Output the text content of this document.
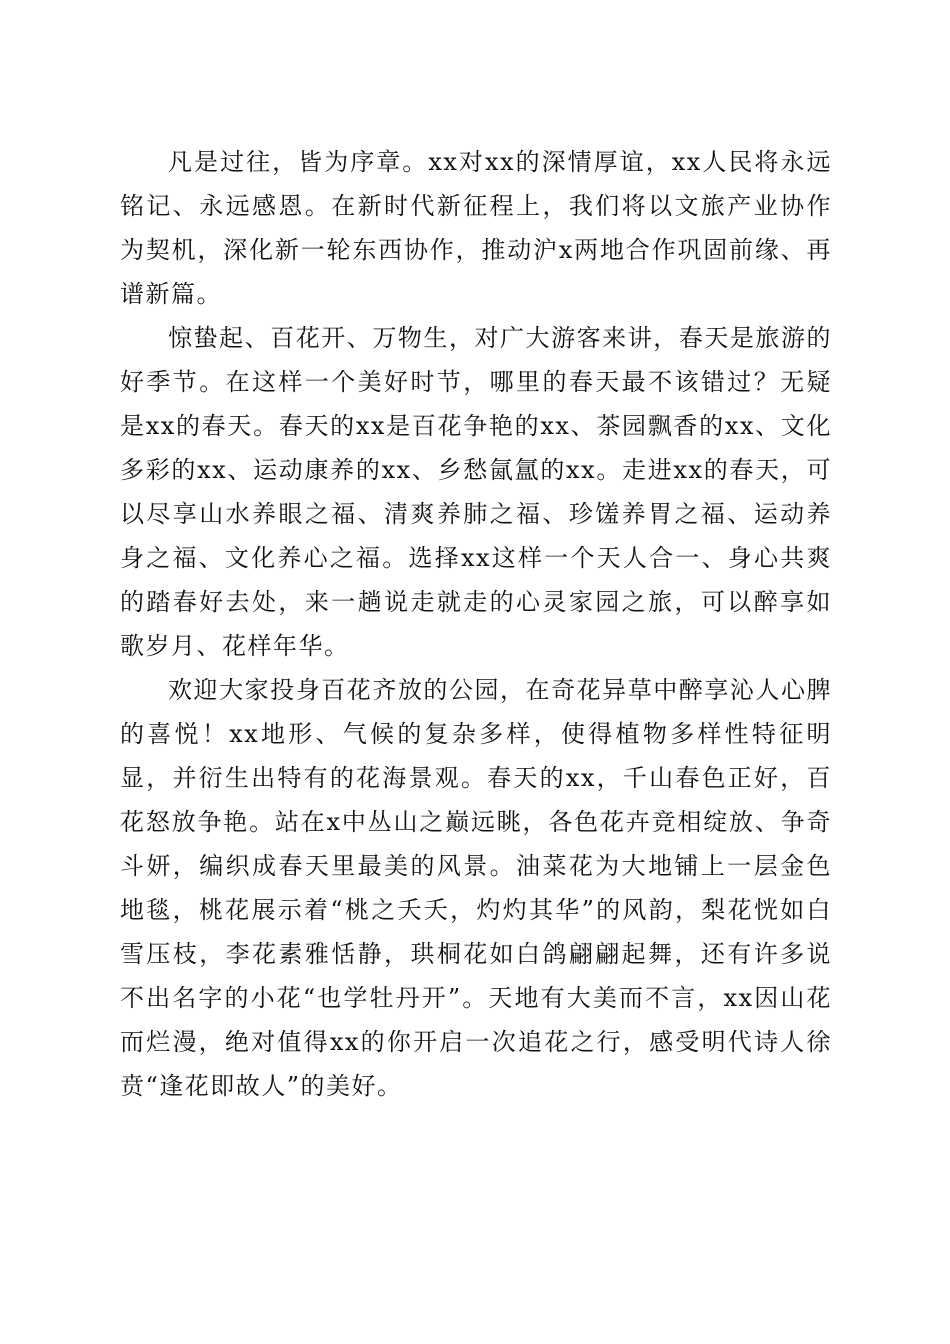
凡是过往，皆为序章。xx对xx的深情厚谊，xx人民将永远铭记、永远感恩。在新时代新征程上，我们将以文旅产业协作为契机，深化新一轮东西协作，推动沪x两地合作巩固前缘、再谱新篇。

惊蛰起、百花开、万物生，对广大游客来讲，春天是旅游的好季节。在这样一个美好时节，哪里的春天最不该错过？无疑是xx的春天。春天的xx是百花争艳的xx、茶园飘香的xx、文化多彩的xx、运动康养的xx、乡愁氤氲的xx。走进xx的春天，可以尽享山水养眼之福、清爽养肺之福、珍馐养胃之福、运动养身之福、文化养心之福。选择xx这样一个天人合一、身心共爽的踏春好去处，来一趟说走就走的心灵家园之旅，可以醉享如歌岁月、花样年华。

欢迎大家投身百花齐放的公园，在奇花异草中醉享沁人心脾的喜悦！xx地形、气候的复杂多样，使得植物多样性特征明显，并衍生出特有的花海景观。春天的xx，千山春色正好，百花怒放争艳。站在x中丛山之巅远眺，各色花卉竞相绽放、争奇斗妍，编织成春天里最美的风景。油菜花为大地铺上一层金色地毯，桃花展示着“桃之夭夭，灼灼其华”的风韵，梨花恍如白雪压枝，李花素雅恬静，珙桐花如白鸽翩翩起舞，还有许多说不出名字的小花“也学牡丹开”。天地有大美而不言，xx因山花而烂漫，绝对值得xx的你开启一次追花之行，感受明代诗人徐贲“逢花即故人”的美好。
